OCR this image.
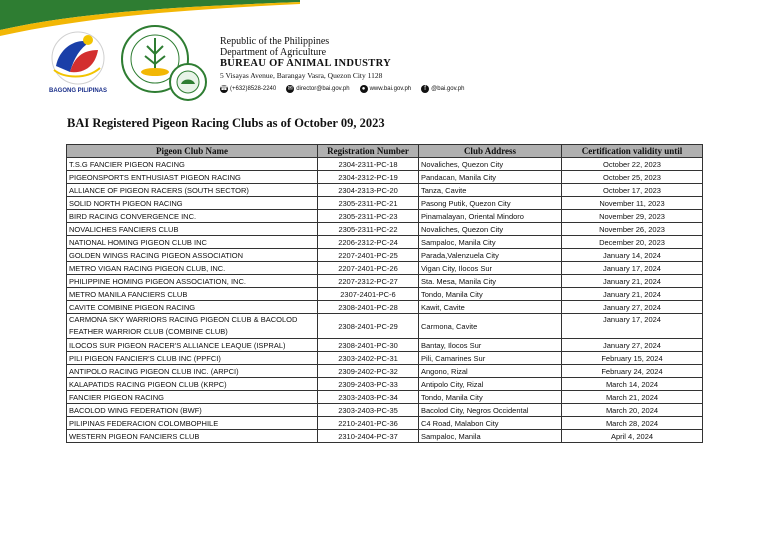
BAGONG PILIPINAS
Republic of the Philippines
Department of Agriculture
BUREAU OF ANIMAL INDUSTRY
5 Visayas Avenue, Barangay Vasra, Quezon City 1128
☎ (+632)8528-2240 ✉ director@bai.gov.ph	● www.bai.gov.ph	f @bai.gov.ph
BAI Registered Pigeon Racing Clubs as of October 09, 2023
Pigeon Club Name	Registration Number	Club Address	Certification validity until
T.S.G FANCIER PIGEON RACING	2304-2311-PC-18	Novaliches, Quezon City	October 22, 2023
PIGEONSPORTS ENTHUSIAST PIGEON RACING	2304-2312-PC-19	Pandacan, Manila City	October 25, 2023
ALLIANCE OF PIGEON RACERS (SOUTH SECTOR)	2304-2313-PC-20	Tanza, Cavite	October 17, 2023
SOLID NORTH PIGEON RACING	2305-2311-PC-21	Pasong Putik, Quezon City	November 11, 2023
BIRD RACING CONVERGENCE INC.	2305-2311-PC-23	Pinamalayan, Oriental Mindoro	November 29, 2023
NOVALICHES FANCIERS CLUB	2305-2311-PC-22	Novaliches, Quezon City	November 26, 2023
NATIONAL HOMING PIGEON CLUB INC	2206-2312-PC-24	Sampaloc, Manila City	December 20, 2023
GOLDEN WINGS RACING PIGEON ASSOCIATION	2207-2401-PC-25	Parada,Valenzuela City	January 14, 2024
METRO VIGAN RACING PIGEON CLUB, INC.	2207-2401-PC-26	Vigan City, Ilocos Sur	January 17, 2024
PHILIPPINE HOMING PIGEON ASSOCIATION, INC.	2207-2312-PC-27	Sta. Mesa, Manila City	January 21, 2024
METRO MANILA FANCIERS CLUB	2307-2401-PC-6	Tondo, Manila City	January 21, 2024
CAVITE COMBINE PIGEON RACING	2308-2401-PC-28	Kawit, Cavite	January 27, 2024
CARMONA SKY WARRIORS RACING PIGEON CLUB & BACOLOD FEATHER WARRIOR CLUB (COMBINE CLUB)	2308-2401-PC-29	Carmona, Cavite	January 17, 2024
ILOCOS SUR PIGEON RACER'S ALLIANCE LEAQUE (ISPRAL)	2308-2401-PC-30	Bantay, Ilocos Sur	January 27, 2024
PILI PIGEON FANCIER'S CLUB INC (PPFCI)	2303-2402-PC-31	Pili, Camarines Sur	February 15, 2024
ANTIPOLO RACING PIGEON CLUB INC. (ARPCI)	2309-2402-PC-32	Angono, Rizal	February 24, 2024
KALAPATIDS RACING PIGEON CLUB (KRPC)	2309-2403-PC-33	Antipolo City, Rizal	March 14, 2024
FANCIER PIGEON RACING	2303-2403-PC-34	Tondo, Manila City	March 21, 2024
BACOLOD WING FEDERATION (BWF)	2303-2403-PC-35	Bacolod City, Negros Occidental	March 20, 2024
PILIPINAS FEDERACION COLOMBOPHILE	2210-2401-PC-36	C4 Road, Malabon City	March 28, 2024
WESTERN PIGEON FANCIERS CLUB	2310-2404-PC-37	Sampaloc, Manila	April 4, 2024
